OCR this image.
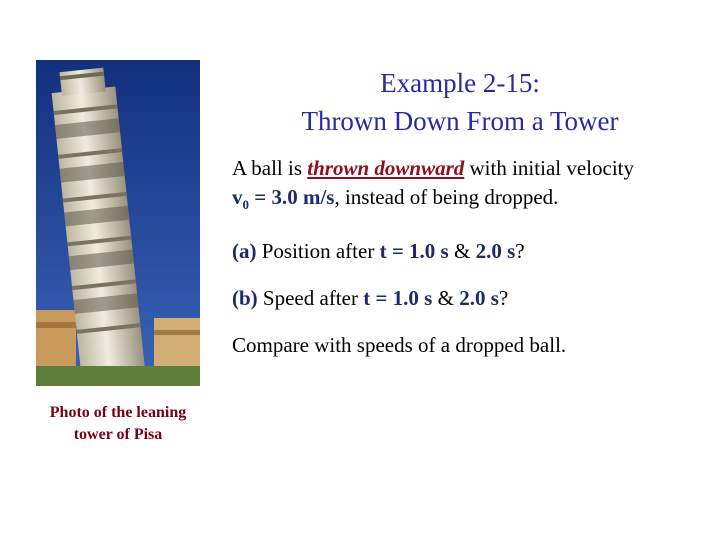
Photo of the leaning
tower of Pisa
Example 2-15:
Thrown Down From a Tower
A ball is thrown downward with initial velocity
$v_0 = 3.0$ m/s, instead of being dropped.
(a) Position after t = 1.0 s & 2.0 s?
(b) Speed after t = 1.0 s & 2.0 s?
Compare with speeds of a dropped ball.
